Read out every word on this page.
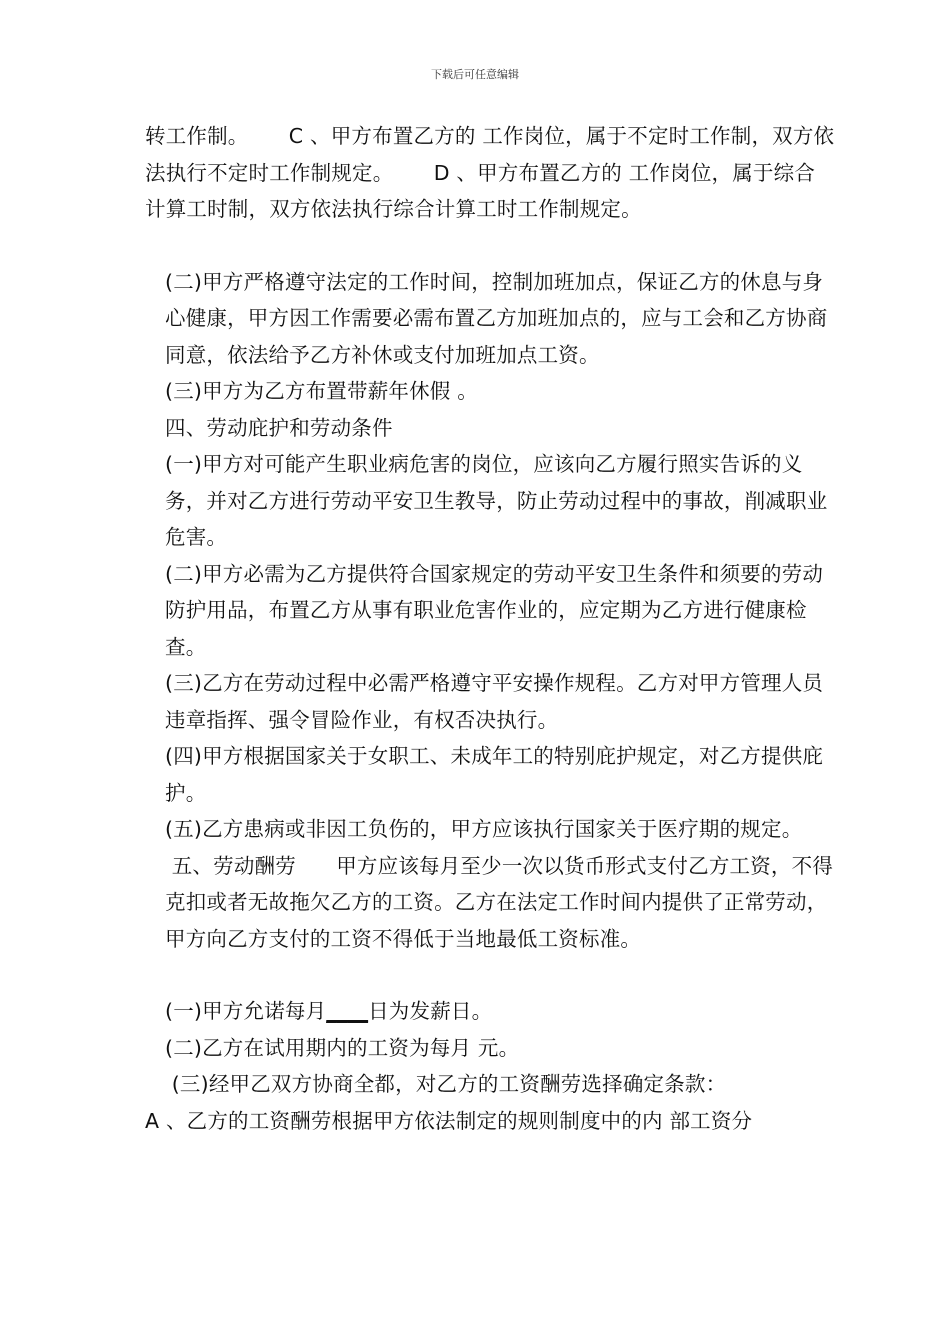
下载后可任意编辑

转工作制。      C 、甲方布置乙方的 工作岗位，属于不定时工作制，双方依法执行不定时工作制规定。      D 、甲方布置乙方的 工作岗位，属于综合计算工时制，双方依法执行综合计算工时工作制规定。

(二)甲方严格遵守法定的工作时间，控制加班加点，保证乙方的休息与身心健康，甲方因工作需要必需布置乙方加班加点的，应与工会和乙方协商同意，依法给予乙方补休或支付加班加点工资。

(三)甲方为乙方布置带薪年休假 。

四、劳动庇护和劳动条件

(一)甲方对可能产生职业病危害的岗位，应该向乙方履行照实告诉的义务，并对乙方进行劳动平安卫生教导，防止劳动过程中的事故，削减职业危害。

(二)甲方必需为乙方提供符合国家规定的劳动平安卫生条件和须要的劳动防护用品，布置乙方从事有职业危害作业的，应定期为乙方进行健康检查。

(三)乙方在劳动过程中必需严格遵守平安操作规程。乙方对甲方管理人员违章指挥、强令冒险作业，有权否决执行。

(四)甲方根据国家关于女职工、未成年工的特别庇护规定，对乙方提供庇护。

(五)乙方患病或非因工负伤的，甲方应该执行国家关于医疗期的规定。

五、劳动酬劳      甲方应该每月至少一次以货币形式支付乙方工资，不得克扣或者无故拖欠乙方的工资。乙方在法定工作时间内提供了正常劳动，甲方向乙方支付的工资不得低于当地最低工资标准。

(一)甲方允诺每月____日为发薪日。

(二)乙方在试用期内的工资为每月 元。

(三)经甲乙双方协商全都，对乙方的工资酬劳选择确定条款：

A 、乙方的工资酬劳根据甲方依法制定的规则制度中的内 部工资分
